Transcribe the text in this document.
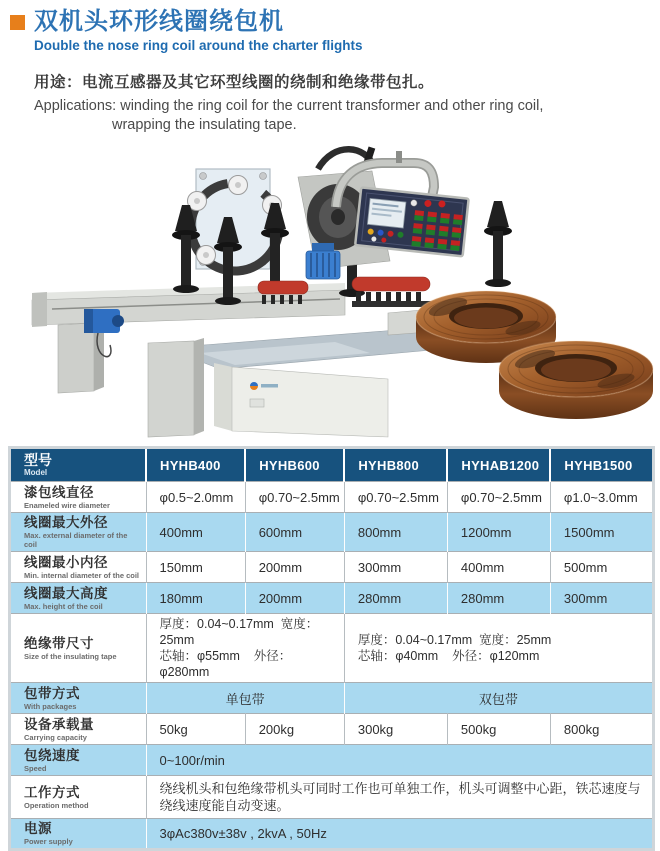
双机头环形线圈绕包机
Double the nose ring coil around the charter flights

用途：电流互感器及其它环型线圈的绕制和绝缘带包扎。

Applications: winding the ring coil for the current transformer and other ring coil,

wrapping the insulating tape.

型号
Model	HYHB400	HYHB600	HYHB800	HYHAB1200	HYHB1500

漆包线直径
Enameled wire diameter	φ0.5~2.0mm	φ0.70~2.5mm	φ0.70~2.5mm	φ0.70~2.5mm	φ1.0~3.0mm

线圈最大外径
Max. external diameter of the coil	400mm	600mm	800mm	1200mm	1500mm

线圈最小内径
Min. internal diameter of the coil	150mm	200mm	300mm	400mm	500mm

线圈最大高度
Max. height of the coil	180mm	200mm	280mm	280mm	300mm

绝缘带尺寸
Size of the insulating tape

厚度：0.04~0.17mm  宽度：25mm
芯轴：φ55mm    外径：φ280mm

厚度：0.04~0.17mm  宽度：25mm
芯轴：φ40mm    外径：φ120mm

包带方式
With packages	单包带		双包带		

设备承载量
Carrying capacity	50kg	200kg	300kg	500kg	800kg

包绕速度
Speed	0~100r/min				

工作方式
Operation method	绕线机头和包绝缘带机头可同时工作也可单独工作，机头可调整中心距，铁芯速度与绕线速度能自动变速。				

电源
Power supply	3φAc380v±38v , 2kvA , 50Hz				
